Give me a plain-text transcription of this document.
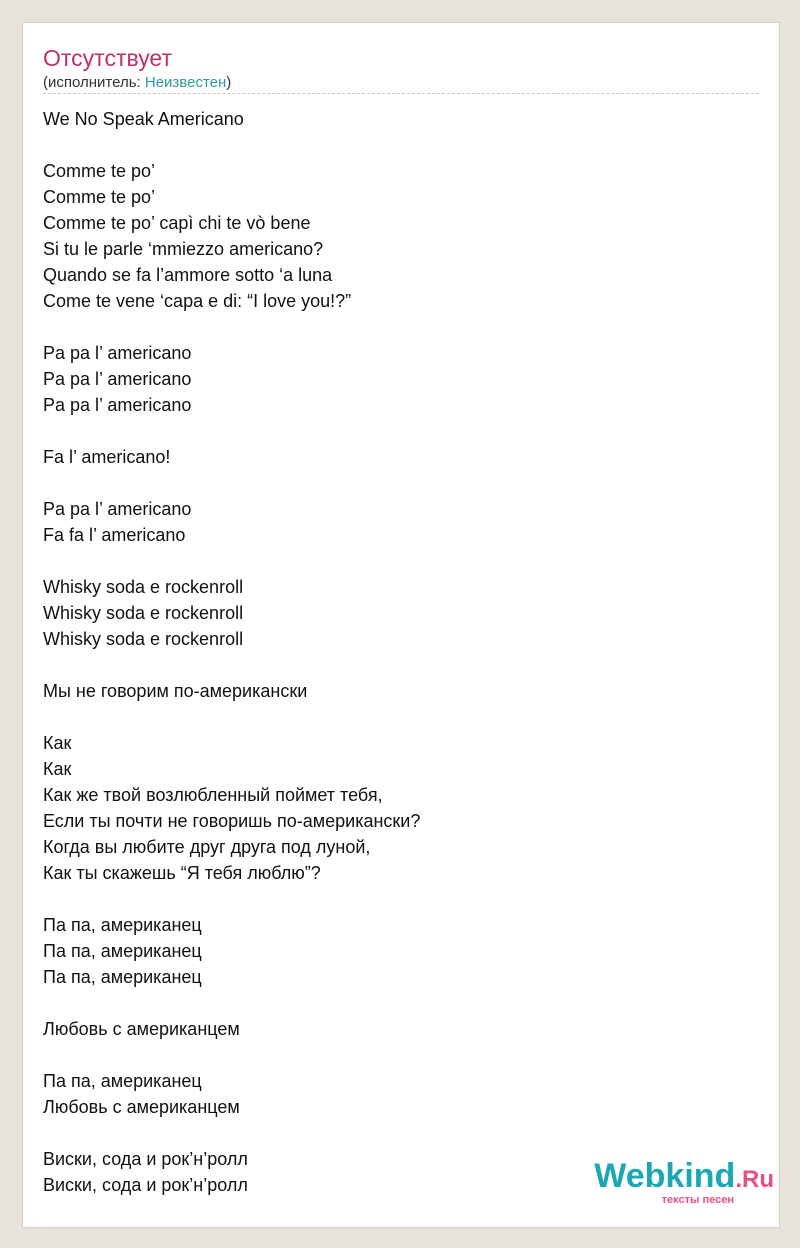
Отсутствует
(исполнитель: Неизвестен)
We No Speak Americano
Comme te po’
Comme te po’
Comme te po’ capì chi te vò bene
Si tu le parle ‘mmiezzo americano?
Quando se fa l’ammore sotto ‘a luna
Come te vene ‘capa e di: “I love you!?”
Pa pa l’ americano
Pa pa l’ americano
Pa pa l’ americano
Fa l’ americano!
Pa pa l’ americano
Fa fa l’ americano
Whisky soda e rockenroll
Whisky soda e rockenroll
Whisky soda e rockenroll
Мы не говорим по-американски
Как
Как
Как же твой возлюбленный поймет тебя,
Если ты почти не говоришь по-американски?
Когда вы любите друг друга под луной,
Как ты скажешь “Я тебя люблю”?
Па па, американец
Па па, американец
Па па, американец
Любовь с американцем
Па па, американец
Любовь с американцем
Виски, сода и рок’н’ролл
Виски, сода и рок’н’ролл	Webkind.Ru
тексты песен
